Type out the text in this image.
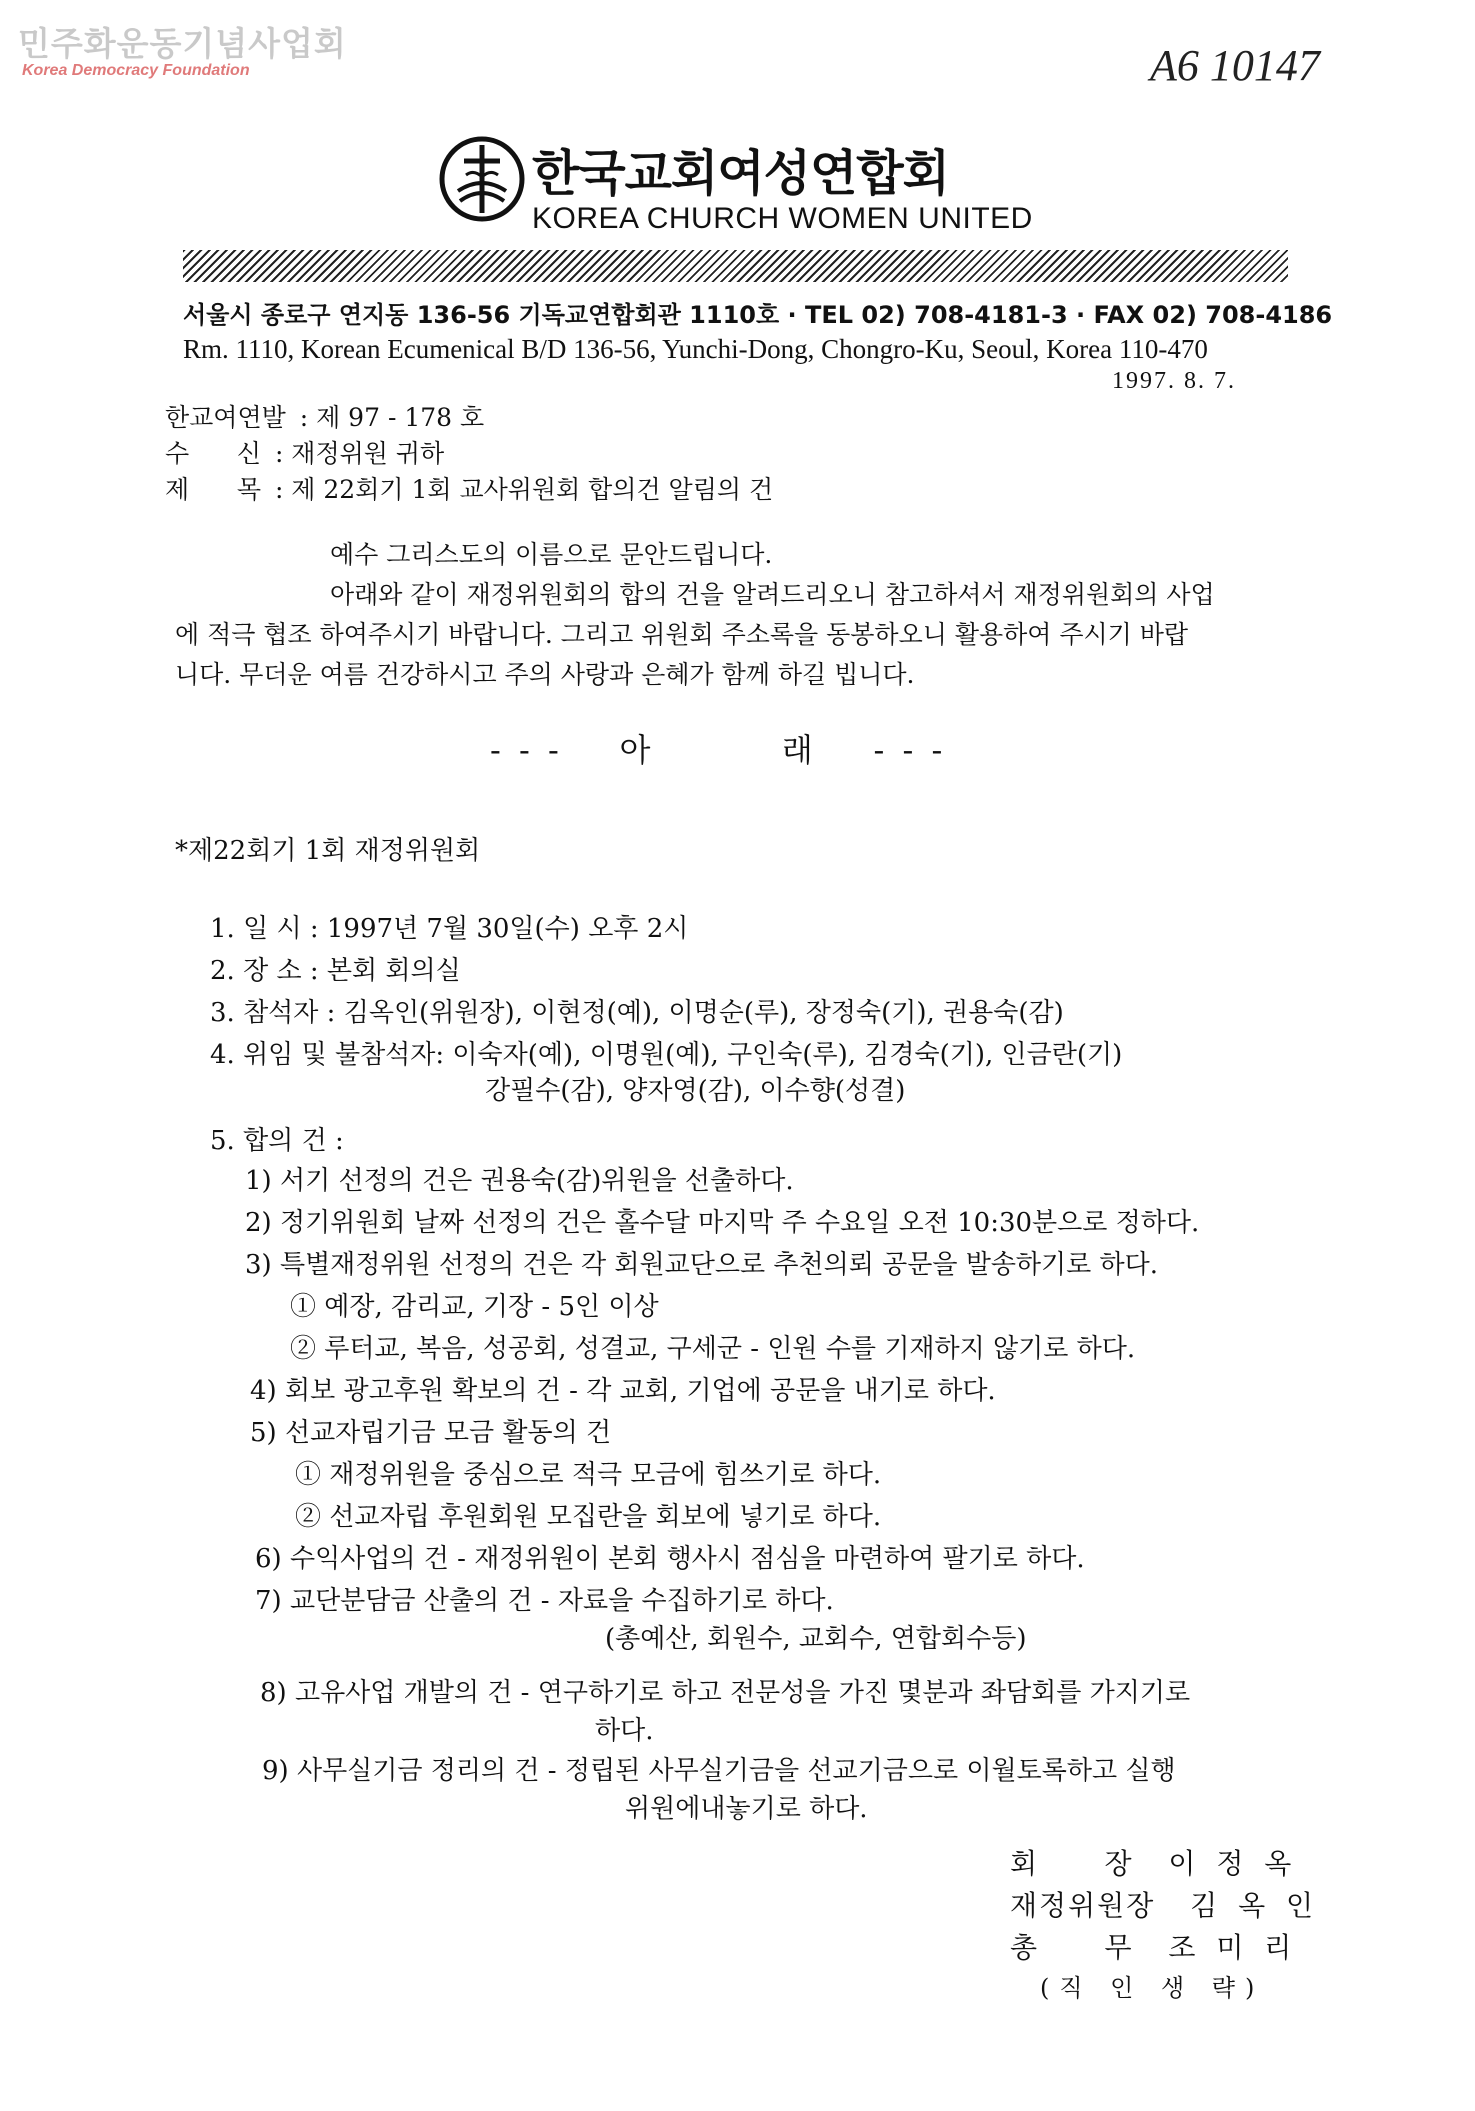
민주화운동기념사업회
Korea Democracy Foundation	A6 10147
한국교회여성연합회
KOREA CHURCH WOMEN UNITED
서울시 종로구 연지동 136-56 기독교연합회관 1110호 · TEL 02) 708-4181-3 · FAX 02) 708-4186
Rm. 1110, Korean Ecumenical B/D 136-56, Yunchi-Dong, Chongro-Ku, Seoul, Korea 110-470
1997. 8. 7.
한교여연발 : 제 97 - 178 호
수      신 : 재정위원 귀하
제      목 : 제 22회기 1회 교사위원회 합의건 알림의 건
예수 그리스도의 이름으로 문안드립니다.
아래와 같이 재정위원회의 합의 건을 알려드리오니 참고하셔서 재정위원회의 사업
에 적극 협조 하여주시기 바랍니다. 그리고 위원회 주소록을 동봉하오니 활용하여 주시기 바랍
니다. 무더운 여름 건강하시고 주의 사랑과 은혜가 함께 하길 빕니다.
- - -    아         래    - - -
*제22회기 1회 재정위원회
1. 일 시 : 1997년 7월 30일(수) 오후 2시
2. 장 소 : 본회 회의실
3. 참석자 : 김옥인(위원장), 이현정(예), 이명순(루), 장정숙(기), 권용숙(감)
4. 위임 및 불참석자: 이숙자(예), 이명원(예), 구인숙(루), 김경숙(기), 인금란(기)
강필수(감), 양자영(감), 이수향(성결)
5. 합의 건 :
1) 서기 선정의 건은 권용숙(감)위원을 선출하다.
2) 정기위원회 날짜 선정의 건은 홀수달 마지막 주 수요일 오전 10:30분으로 정하다.
3) 특별재정위원 선정의 건은 각 회원교단으로 추천의뢰 공문을 발송하기로 하다.
① 예장, 감리교, 기장 - 5인 이상
② 루터교, 복음, 성공회, 성결교, 구세군 - 인원 수를 기재하지 않기로 하다.
4) 회보 광고후원 확보의 건 - 각 교회, 기업에 공문을 내기로 하다.
5) 선교자립기금 모금 활동의 건
① 재정위원을 중심으로 적극 모금에 힘쓰기로 하다.
② 선교자립 후원회원 모집란을 회보에 넣기로 하다.
6) 수익사업의 건 - 재정위원이 본회 행사시 점심을 마련하여 팔기로 하다.
7) 교단분담금 산출의 건 - 자료을 수집하기로 하다.
(총예산, 회원수, 교회수, 연합회수등)
8) 고유사업 개발의 건 - 연구하기로 하고 전문성을 가진 몇분과 좌담회를 가지기로
하다.
9) 사무실기금 정리의 건 - 정립된 사무실기금을 선교기금으로 이월토록하고 실행
위원에내놓기로 하다.
회      장 이 정 옥
재정위원장 김 옥 인
총      무 조 미 리
(직 인 생 략)
